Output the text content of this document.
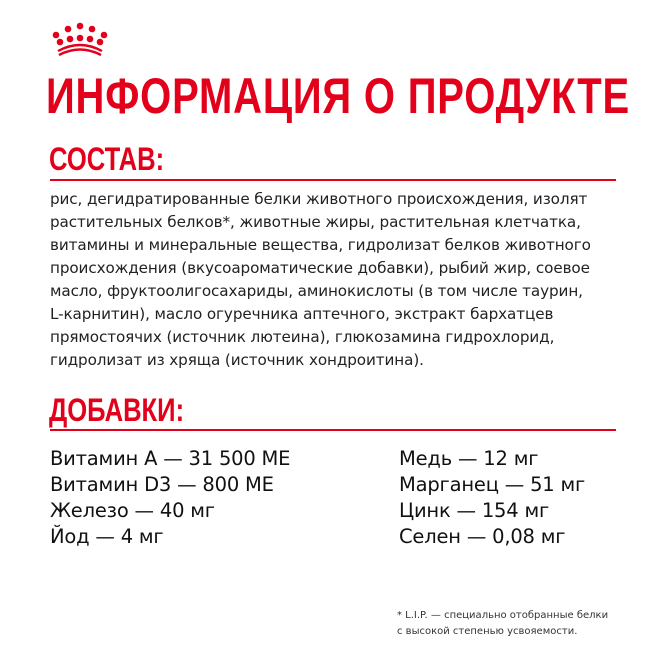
ИНФОРМАЦИЯ О ПРОДУКТЕ
СОСТАВ:

рис, дегидратированные белки животного происхождения, изолят
растительных белков*, животные жиры, растительная клетчатка,
витамины и минеральные вещества, гидролизат белков животного
происхождения (вкусоароматические добавки), рыбий жир, соевое
масло, фруктоолигосахариды, аминокислоты (в том числе таурин,
L-карнитин), масло огуречника аптечного, экстракт бархатцев
прямостоячих (источник лютеина), глюкозамина гидрохлорид,
гидролизат из хряща (источник хондроитина).

ДОБАВКИ:
Витамин A — 31 500 МЕ
Витамин D3 — 800 МЕ
Железо — 40 мг
Йод — 4 мг
Медь — 12 мг
Марганец — 51 мг
Цинк — 154 мг
Селен — 0,08 мг

* L.I.P. — специально отобранные белки
с высокой степенью усвояемости.
